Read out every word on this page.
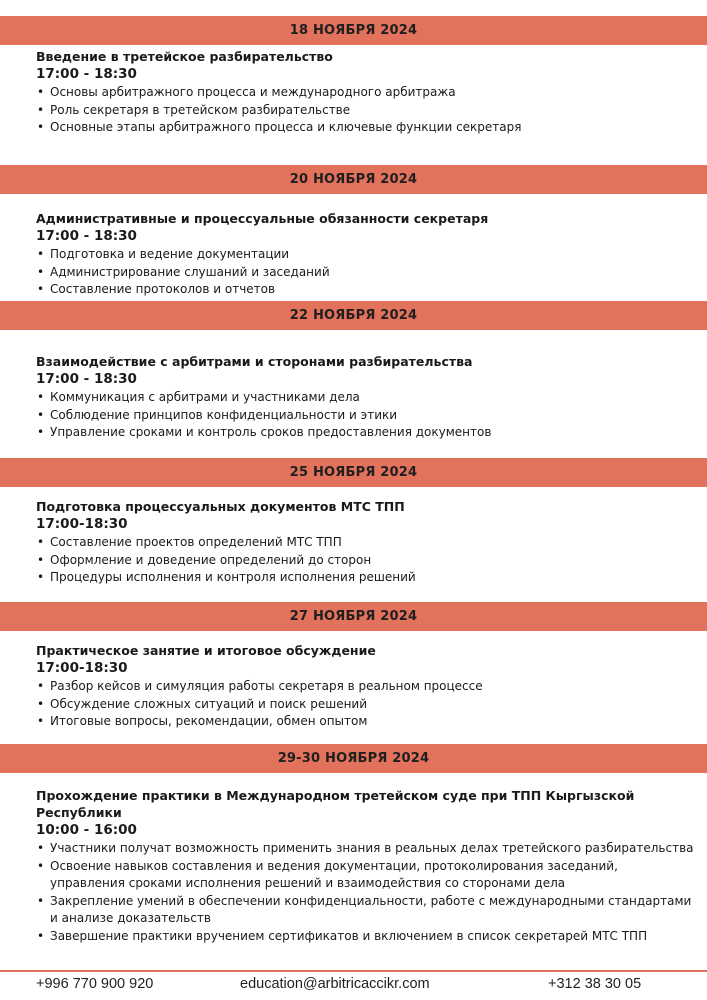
18 НОЯБРЯ 2024
Введение в третейское разбирательство
17:00 - 18:30
• Основы арбитражного процесса и международного арбитража
• Роль секретаря в третейском разбирательстве
• Основные этапы арбитражного процесса и ключевые функции секретаря
20 НОЯБРЯ 2024
Административные и процессуальные обязанности секретаря
17:00 - 18:30
• Подготовка и ведение документации
• Администрирование слушаний и заседаний
• Составление протоколов и отчетов
22 НОЯБРЯ 2024
Взаимодействие с арбитрами и сторонами разбирательства
17:00 - 18:30
• Коммуникация с арбитрами и участниками дела
• Соблюдение принципов конфиденциальности и этики
• Управление сроками и контроль сроков предоставления документов
25 НОЯБРЯ 2024
Подготовка процессуальных документов МТС ТПП
17:00-18:30
• Составление проектов определений МТС ТПП
• Оформление и доведение определений до сторон
• Процедуры исполнения и контроля исполнения решений
27 НОЯБРЯ 2024
Практическое занятие и итоговое обсуждение
17:00-18:30
• Разбор кейсов и симуляция работы секретаря в реальном процессе
• Обсуждение сложных ситуаций и поиск решений
• Итоговые вопросы, рекомендации, обмен опытом
29-30 НОЯБРЯ 2024
Прохождение практики в Международном третейском суде при ТПП Кыргызской Республики
10:00 - 16:00
• Участники получат возможность применить знания в реальных делах третейского разбирательства
• Освоение навыков составления и ведения документации, протоколирования заседаний, управления сроками исполнения решений и взаимодействия со сторонами дела
• Закрепление умений в обеспечении конфиденциальности, работе с международными стандартами и анализе доказательств
• Завершение практики вручением сертификатов и включением в список секретарей МТС ТПП
+996 770 900 920	education@arbitricaccikr.com	+312 38 30 05
